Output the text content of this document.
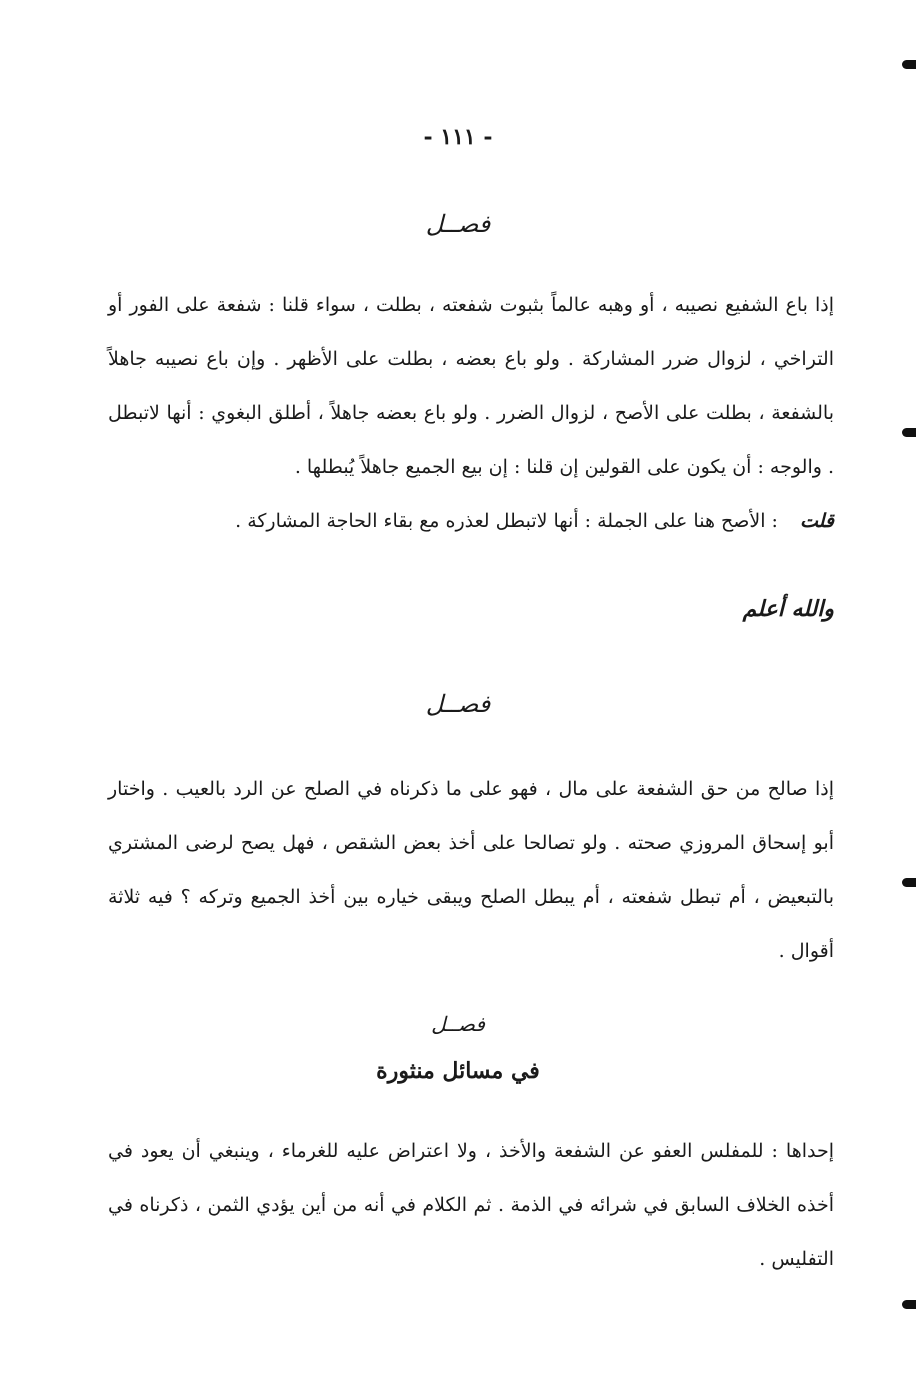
- ١١١ -
فصــل

إذا باع الشفيع نصيبه ، أو وهبه عالماً بثبوت شفعته ، بطلت ، سواء قلنا : شفعة على الفور أو التراخي ، لزوال ضرر المشاركة . ولو باع بعضه ، بطلت على الأظهر . وإن باع نصيبه جاهلاً بالشفعة ، بطلت على الأصح ، لزوال الضرر . ولو باع بعضه جاهلاً ، أطلق البغوي : أنها لاتبطل . والوجه : أن يكون على القولين إن قلنا : إن بيع الجميع جاهلاً يُبطلها .

قلت: الأصح هنا على الجملة : أنها لاتبطل لعذره مع بقاء الحاجة المشاركة .

والله أعلم
فصــل

إذا صالح من حق الشفعة على مال ، فهو على ما ذكرناه في الصلح عن الرد بالعيب . واختار أبو إسحاق المروزي صحته . ولو تصالحا على أخذ بعض الشقص ، فهل يصح لرضى المشتري بالتبعيض ، أم تبطل شفعته ، أم يبطل الصلح ويبقى خياره بين أخذ الجميع وتركه ؟ فيه ثلاثة أقوال .

فصــل
في مسائل منثورة

إحداها : للمفلس العفو عن الشفعة والأخذ ، ولا اعتراض عليه للغرماء ، وينبغي أن يعود في أخذه الخلاف السابق في شرائه في الذمة . ثم الكلام في أنه من أين يؤدي الثمن ، ذكرناه في التفليس .
